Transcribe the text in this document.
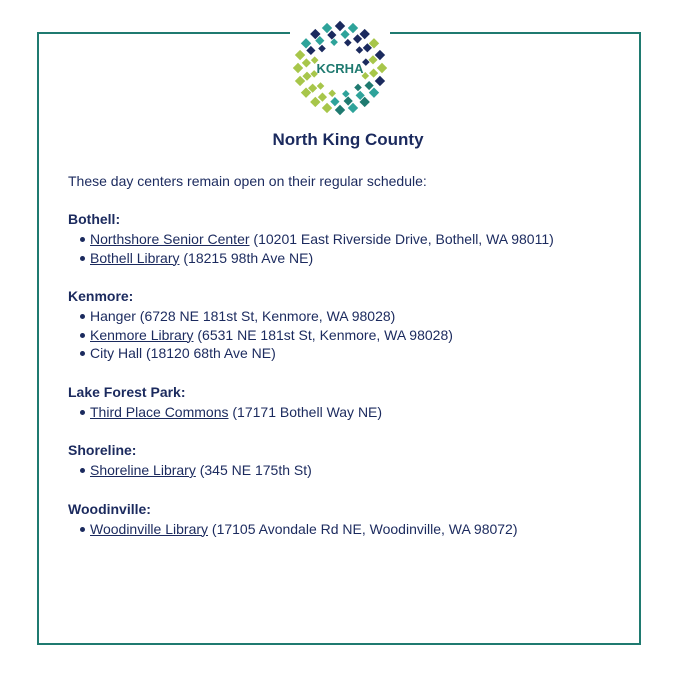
KCRHA
North King County

These day centers remain open on their regular schedule:

Bothell:

Northshore Senior Center (10201 East Riverside Drive, Bothell, WA 98011)
Bothell Library (18215 98th Ave NE)

Kenmore:

Hanger (6728 NE 181st St, Kenmore, WA 98028)
Kenmore Library (6531 NE 181st St, Kenmore, WA 98028)
City Hall (18120 68th Ave NE)

Lake Forest Park:

Third Place Commons (17171 Bothell Way NE)

Shoreline:

Shoreline Library (345 NE 175th St)

Woodinville:

Woodinville Library (17105 Avondale Rd NE, Woodinville, WA 98072)
